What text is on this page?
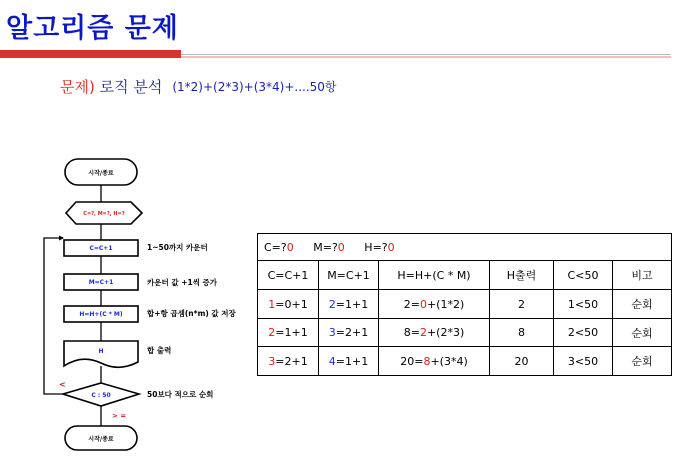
알고리즘 문제
문제) 로직 분석 (1*2)+(2*3)+(3*4)+....50항
시작/종료
C=?, M=?, H=?
C=C+1
M=C+1
H=H+(C * M)
H
C : 50
시작/종료
<
> =
1~50까지 카운터
카운터 값 +1씩 증가
합+항 곱셈(n*m) 값 저장
합 출력
50보다 적으로 순회
C=?0 M=?0 H=?0					
C=C+1	M=C+1	H=H+(C * M)	H출력	C<50	비고
1=0+1	2=1+1	2=0+(1*2)	2	1<50	순회
2=1+1	3=2+1	8=2+(2*3)	8	2<50	순회
3=2+1	4=1+1	20=8+(3*4)	20	3<50	순회
